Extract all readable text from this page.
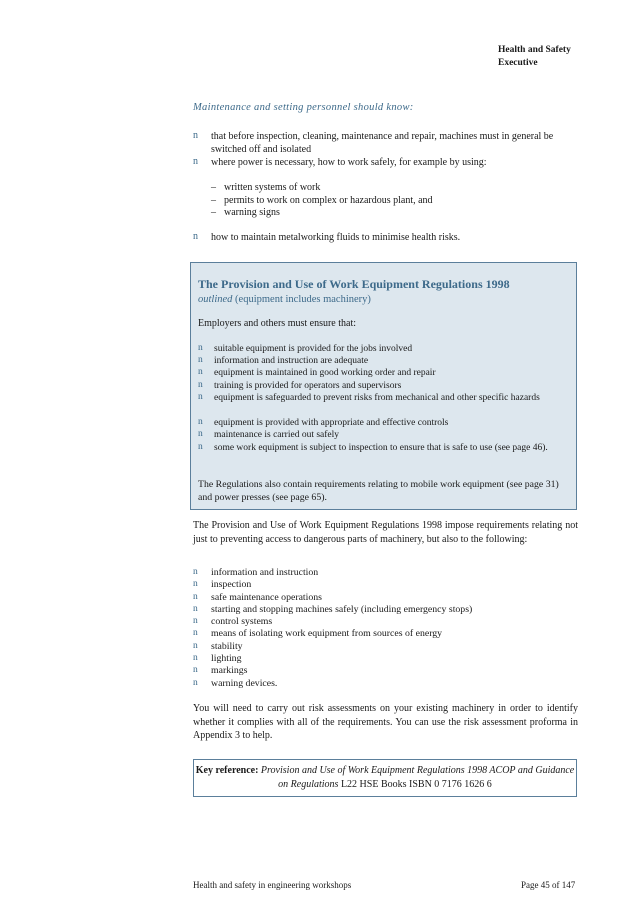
Health and Safety
Executive
Maintenance and setting personnel should know:
n that before inspection, cleaning, maintenance and repair, machines must in general be switched off and isolated
n where power is necessary, how to work safely, for example by using:
– written systems of work
– permits to work on complex or hazardous plant, and
– warning signs
n how to maintain metalworking fluids to minimise health risks.
The Provision and Use of Work Equipment Regulations 1998
outlined (equipment includes machinery)
Employers and others must ensure that:
n suitable equipment is provided for the jobs involved
n information and instruction are adequate
n equipment is maintained in good working order and repair
n training is provided for operators and supervisors
n equipment is safeguarded to prevent risks from mechanical and other specific hazards
n equipment is provided with appropriate and effective controls
n maintenance is carried out safely
n some work equipment is subject to inspection to ensure that is safe to use (see page 46).
The Regulations also contain requirements relating to mobile work equipment (see page 31) and power presses (see page 65).
The Provision and Use of Work Equipment Regulations 1998 impose requirements relating not just to preventing access to dangerous parts of machinery, but also to the following:
n information and instruction
n inspection
n safe maintenance operations
n starting and stopping machines safely (including emergency stops)
n control systems
n means of isolating work equipment from sources of energy
n stability
n lighting
n markings
n warning devices.
You will need to carry out risk assessments on your existing machinery in order to identify whether it complies with all of the requirements. You can use the risk assessment proforma in Appendix 3 to help.
Key reference: Provision and Use of Work Equipment Regulations 1998 ACOP and Guidance on Regulations L22 HSE Books ISBN 0 7176 1626 6
Health and safety in engineering workshops	Page 45 of 147
